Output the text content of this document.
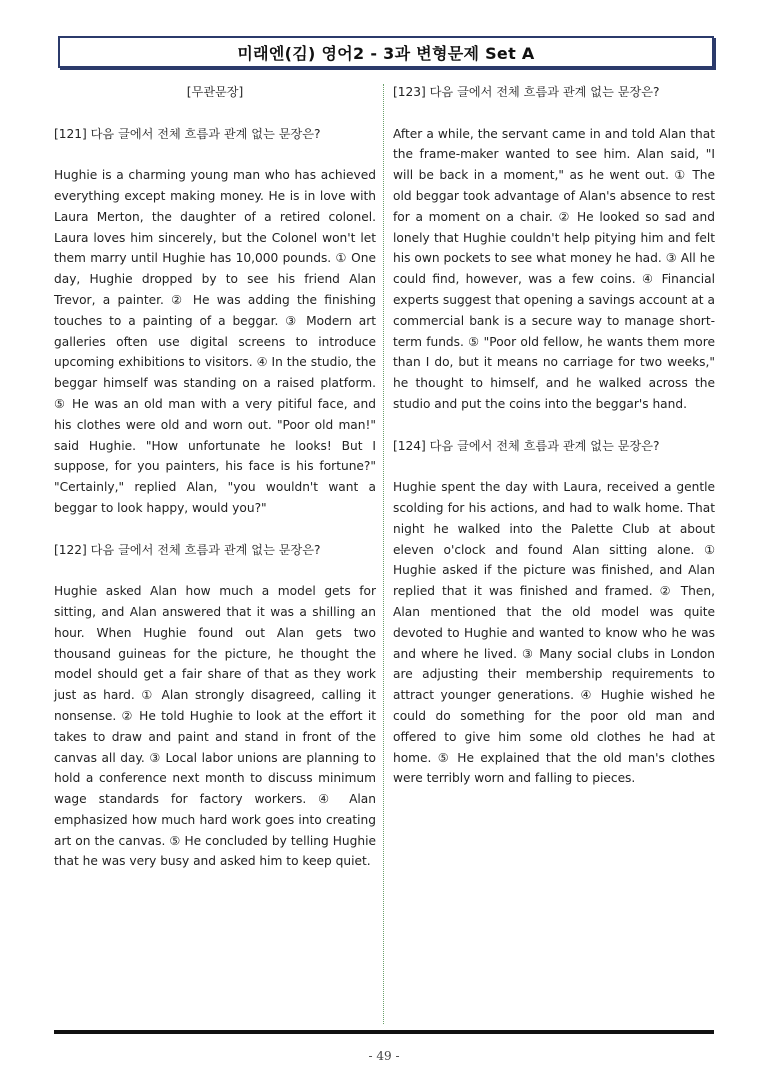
미래엔(김) 영어2 - 3과 변형문제 Set A

[무관문장]

[121] 다음 글에서 전체 흐름과 관계 없는 문장은?

Hughie is a charming young man who has achieved everything except making money. He is in love with Laura Merton, the daughter of a retired colonel. Laura loves him sincerely, but the Colonel won't let them marry until Hughie has 10,000 pounds. ① One day, Hughie dropped by to see his friend Alan Trevor, a painter. ② He was adding the finishing touches to a painting of a beggar. ③ Modern art galleries often use digital screens to introduce upcoming exhibitions to visitors. ④ In the studio, the beggar himself was standing on a raised platform. ⑤ He was an old man with a very pitiful face, and his clothes were old and worn out. "Poor old man!" said Hughie. "How unfortunate he looks! But I suppose, for you painters, his face is his fortune?" "Certainly," replied Alan, "you wouldn't want a beggar to look happy, would you?"

[122] 다음 글에서 전체 흐름과 관계 없는 문장은?

Hughie asked Alan how much a model gets for sitting, and Alan answered that it was a shilling an hour. When Hughie found out Alan gets two thousand guineas for the picture, he thought the model should get a fair share of that as they work just as hard. ① Alan strongly disagreed, calling it nonsense. ② He told Hughie to look at the effort it takes to draw and paint and stand in front of the canvas all day. ③ Local labor unions are planning to hold a conference next month to discuss minimum wage standards for factory workers. ④ Alan emphasized how much hard work goes into creating art on the canvas. ⑤ He concluded by telling Hughie that he was very busy and asked him to keep quiet.

[123] 다음 글에서 전체 흐름과 관계 없는 문장은?

After a while, the servant came in and told Alan that the frame-maker wanted to see him. Alan said, "I will be back in a moment," as he went out. ① The old beggar took advantage of Alan's absence to rest for a moment on a chair. ② He looked so sad and lonely that Hughie couldn't help pitying him and felt his own pockets to see what money he had. ③ All he could find, however, was a few coins. ④ Financial experts suggest that opening a savings account at a commercial bank is a secure way to manage short-term funds. ⑤ "Poor old fellow, he wants them more than I do, but it means no carriage for two weeks," he thought to himself, and he walked across the studio and put the coins into the beggar's hand.

[124] 다음 글에서 전체 흐름과 관계 없는 문장은?

Hughie spent the day with Laura, received a gentle scolding for his actions, and had to walk home. That night he walked into the Palette Club at about eleven o'clock and found Alan sitting alone. ① Hughie asked if the picture was finished, and Alan replied that it was finished and framed. ② Then, Alan mentioned that the old model was quite devoted to Hughie and wanted to know who he was and where he lived. ③ Many social clubs in London are adjusting their membership requirements to attract younger generations. ④ Hughie wished he could do something for the poor old man and offered to give him some old clothes he had at home. ⑤ He explained that the old man's clothes were terribly worn and falling to pieces.

- 49 -
